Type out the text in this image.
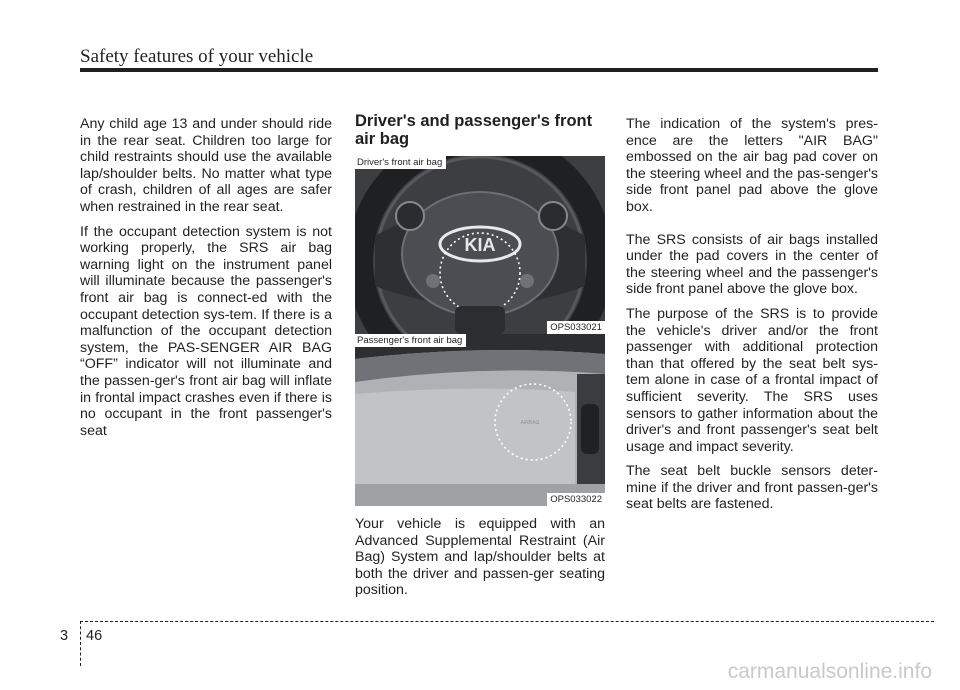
Safety features of your vehicle

Any child age 13 and under should ride in the rear seat. Children too large for child restraints should use the available lap/shoulder belts. No matter what type of crash, children of all ages are safer when restrained in the rear seat.

If the occupant detection system is not working properly, the SRS air bag warning light on the instrument panel will illuminate because the passenger's front air bag is connect-ed with the occupant detection sys-tem. If there is a malfunction of the occupant detection system, the PAS-SENGER AIR BAG “OFF” indicator will not illuminate and the passen-ger's front air bag will inflate in frontal impact crashes even if there is no occupant in the front passenger's seat

Driver's and passenger's front air bag
KIA
Driver's front air bag
OPS033021
AIRBAG
Passenger's front air bag
OPS033022

Your vehicle is equipped with an Advanced Supplemental Restraint (Air Bag) System and lap/shoulder belts at both the driver and passen-ger seating position.

The indication of the system's pres-ence are the letters "AIR BAG" embossed on the air bag pad cover on the steering wheel and the pas-senger's side front panel pad above the glove box.

The SRS consists of air bags installed under the pad covers in the center of the steering wheel and the passenger's side front panel above the glove box.

The purpose of the SRS is to provide the vehicle's driver and/or the front passenger with additional protection than that offered by the seat belt sys-tem alone in case of a frontal impact of sufficient severity. The SRS uses sensors to gather information about the driver's and front passenger's seat belt usage and impact severity.

The seat belt buckle sensors deter-mine if the driver and front passen-ger's seat belts are fastened.

3 46
carmanualsonline.info
